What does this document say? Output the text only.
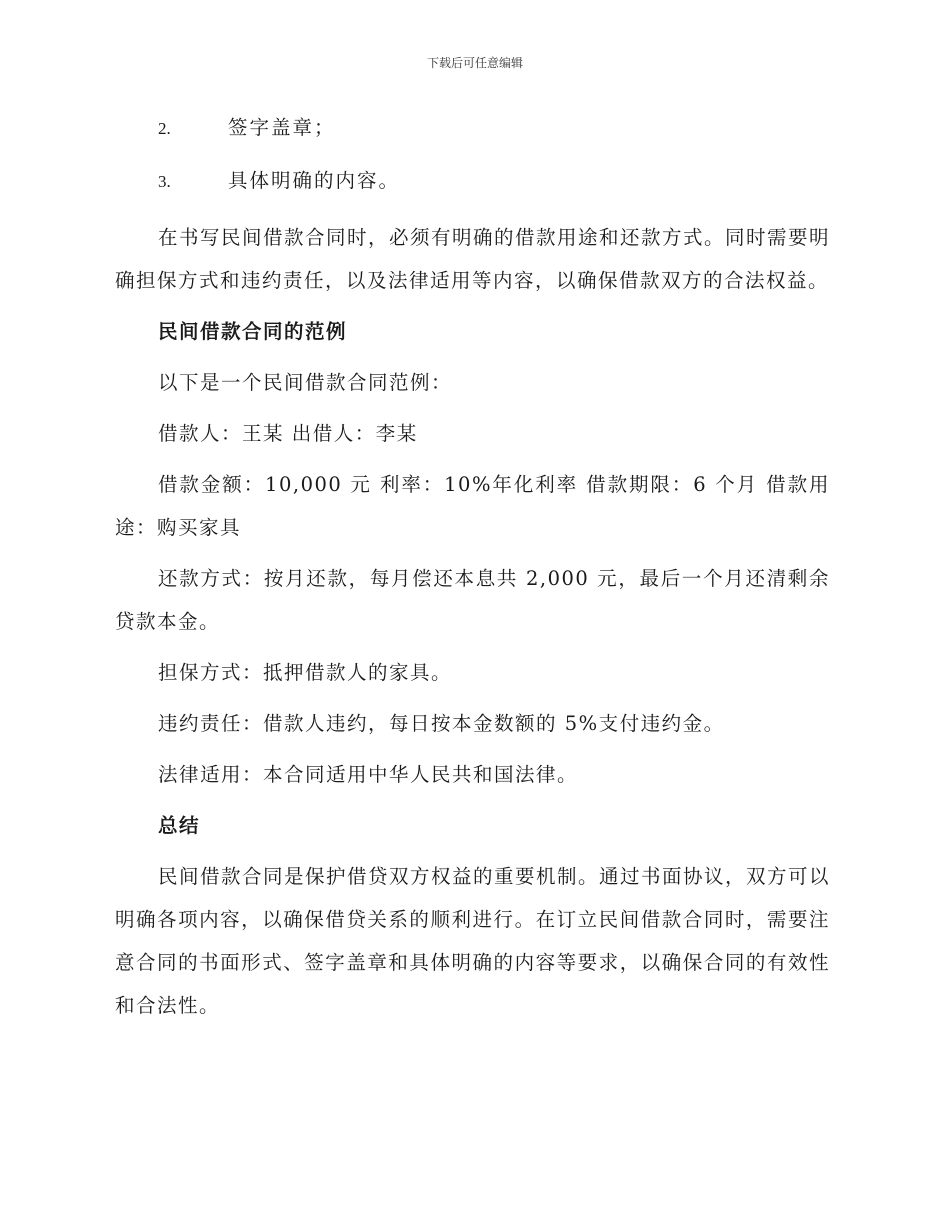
下载后可任意编辑
2.	签字盖章；
3.	具体明确的内容。

在书写民间借款合同时，必须有明确的借款用途和还款方式。同时需要明确担保方式和违约责任，以及法律适用等内容，以确保借款双方的合法权益。

民间借款合同的范例

以下是一个民间借款合同范例：

借款人：王某 出借人：李某

借款金额：10,000 元 利率：10%年化利率 借款期限：6 个月 借款用途：购买家具

还款方式：按月还款，每月偿还本息共 2,000 元，最后一个月还清剩余贷款本金。

担保方式：抵押借款人的家具。

违约责任：借款人违约，每日按本金数额的 5%支付违约金。

法律适用：本合同适用中华人民共和国法律。

总结

民间借款合同是保护借贷双方权益的重要机制。通过书面协议，双方可以明确各项内容，以确保借贷关系的顺利进行。在订立民间借款合同时，需要注意合同的书面形式、签字盖章和具体明确的内容等要求，以确保合同的有效性和合法性。
